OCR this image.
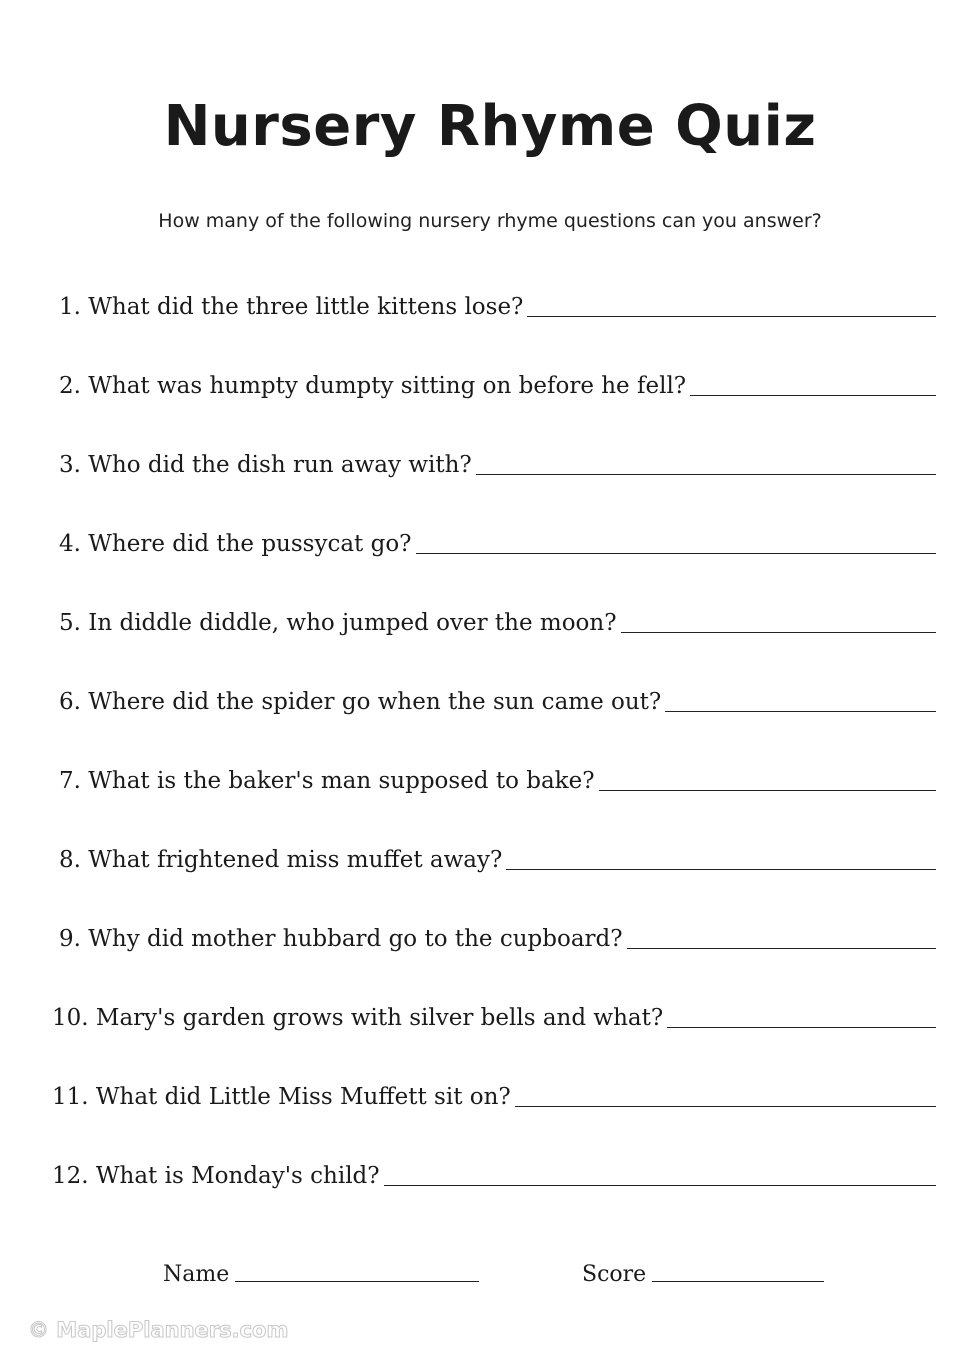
Nursery Rhyme Quiz

How many of the following nursery rhyme questions can you answer?

1. What did the three little kittens lose?
2. What was humpty dumpty sitting on before he fell?
3. Who did the dish run away with?
4. Where did the pussycat go?
5. In diddle diddle, who jumped over the moon?
6. Where did the spider go when the sun came out?
7. What is the baker's man supposed to bake?
8. What frightened miss muffet away?
9. Why did mother hubbard go to the cupboard?
10. Mary's garden grows with silver bells and what?
11. What did Little Miss Muffett sit on?
12. What is Monday's child?
Name	Score
© MaplePlanners.com
